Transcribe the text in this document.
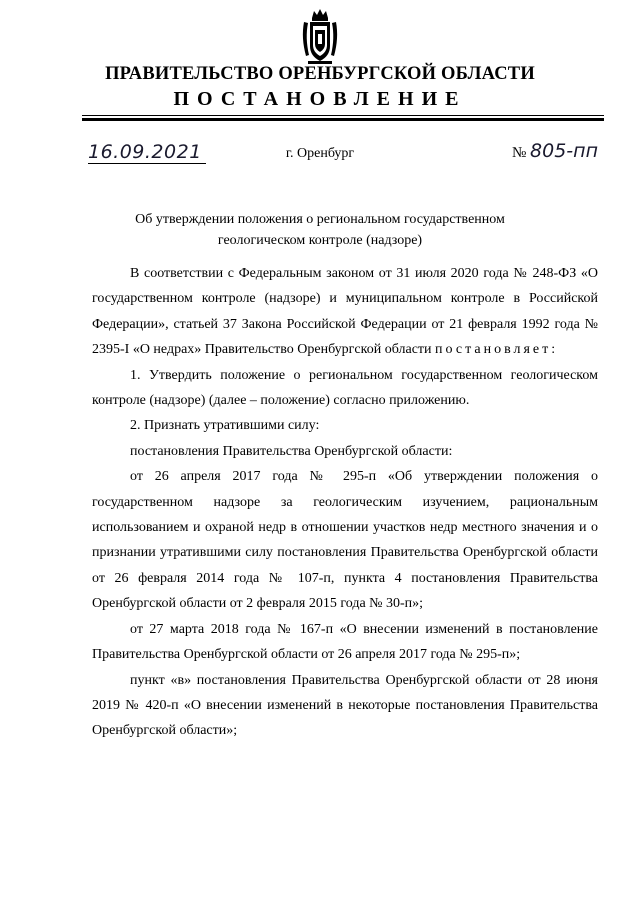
ПРАВИТЕЛЬСТВО ОРЕНБУРГСКОЙ ОБЛАСТИ
ПОСТАНОВЛЕНИЕ
16.09.2021	г. Оренбург	№ 805-пп
Об утверждении положения о региональном государственном
геологическом контроле (надзоре)

В соответствии с Федеральным законом от 31 июля 2020 года № 248-ФЗ «О государственном контроле (надзоре) и муниципальном контроле в Российской Федерации», статьей 37 Закона Российской Федерации от 21 февраля 1992 года № 2395-I «О недрах» Правительство Оренбургской области постановляет:

1. Утвердить положение о региональном государственном геологическом контроле (надзоре) (далее – положение) согласно приложению.

2. Признать утратившими силу:

постановления Правительства Оренбургской области:

от 26 апреля 2017 года № 295-п «Об утверждении положения о государственном надзоре за геологическим изучением, рациональным использованием и охраной недр в отношении участков недр местного значения и о признании утратившими силу постановления Правительства Оренбургской области от 26 февраля 2014 года № 107-п, пункта 4 постановления Правительства Оренбургской области от 2 февраля 2015 года № 30-п»;

от 27 марта 2018 года № 167-п «О внесении изменений в постановление Правительства Оренбургской области от 26 апреля 2017 года № 295-п»;

пункт «в» постановления Правительства Оренбургской области от 28 июня 2019 № 420-п «О внесении изменений в некоторые постановления Правительства Оренбургской области»;
